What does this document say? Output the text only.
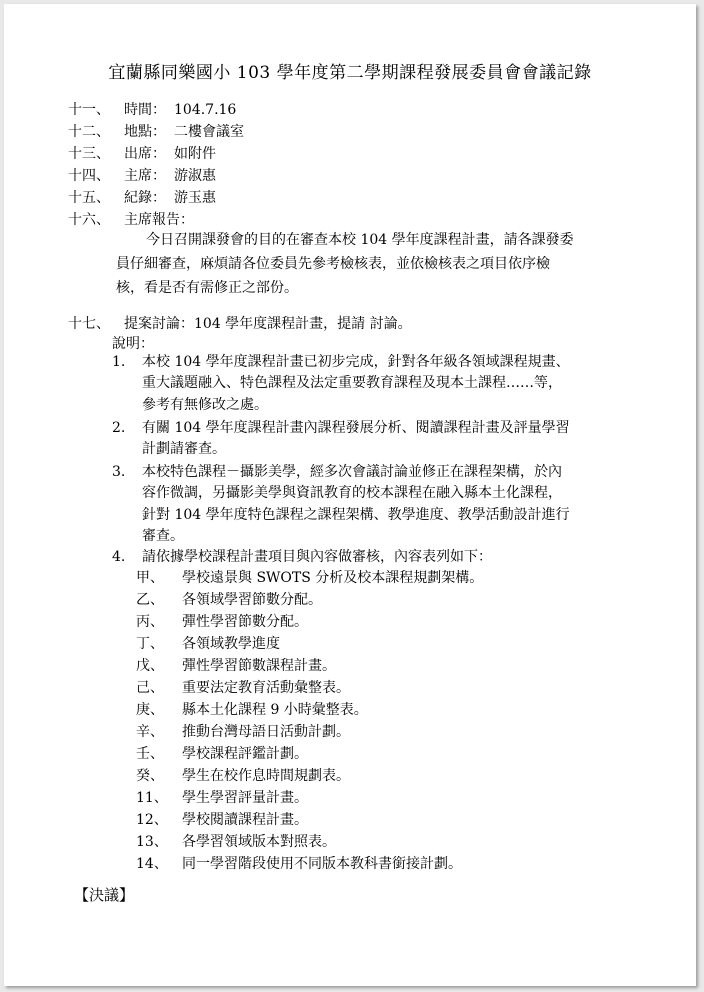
宜蘭縣同樂國小 103 學年度第二學期課程發展委員會會議記錄
十一、 時間： 104.7.16
十二、 地點： 二樓會議室
十三、 出席： 如附件
十四、 主席： 游淑惠
十五、 紀錄： 游玉惠
十六、 主席報告：
今日召開課發會的目的在審查本校 104 學年度課程計畫，請各課發委
員仔細審查，麻煩請各位委員先參考檢核表，並依檢核表之項目依序檢
核，看是否有需修正之部份。
十七、 提案討論：104 學年度課程計畫，提請 討論。
說明：
1. 本校 104 學年度課程計畫已初步完成，針對各年級各領域課程規畫、
重大議題融入、特色課程及法定重要教育課程及現本土課程……等，
參考有無修改之處。
2. 有關 104 學年度課程計畫內課程發展分析、閱讀課程計畫及評量學習
計劃請審查。
3. 本校特色課程－攝影美學，經多次會議討論並修正在課程架構，於內
容作微調，另攝影美學與資訊教育的校本課程在融入縣本土化課程，
針對 104 學年度特色課程之課程架構、教學進度、教學活動設計進行
審查。
4. 請依據學校課程計畫項目與內容做審核，內容表列如下：
甲、 學校遠景與 SWOTS 分析及校本課程規劃架構。
乙、 各領域學習節數分配。
丙、 彈性學習節數分配。
丁、 各領域教學進度
戊、 彈性學習節數課程計畫。
己、 重要法定教育活動彙整表。
庚、 縣本土化課程 9 小時彙整表。
辛、 推動台灣母語日活動計劃。
壬、 學校課程評鑑計劃。
癸、 學生在校作息時間規劃表。
11、 學生學習評量計畫。
12、 學校閱讀課程計畫。
13、 各學習領域版本對照表。
14、 同一學習階段使用不同版本教科書銜接計劃。
【決議】
